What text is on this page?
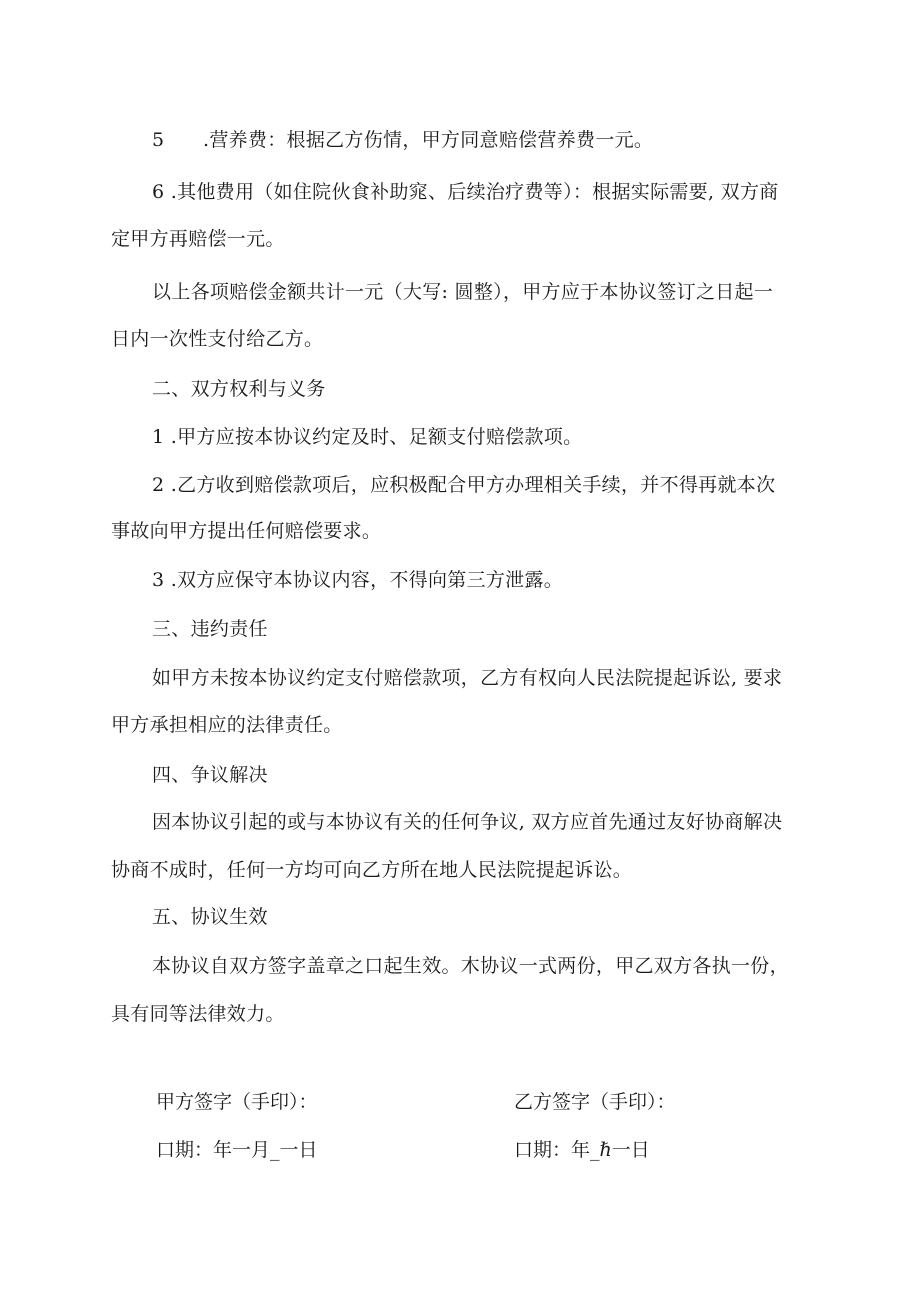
5　　.营养费：根据乙方伤情，甲方同意赔偿营养费一元。
6 .其他费用（如住院伙食补助窕、后续治疗费等）：根据实际需要, 双方商
定甲方再赔偿一元。
以上各项赔偿金额共计一元（大写: 圆整），甲方应于本协议签订之日起一
日内一次性支付给乙方。
二、双方权利与义务
1 .甲方应按本协议约定及时、足额支付赔偿款项。
2 .乙方收到赔偿款项后，应积极配合甲方办理相关手续，并不得再就本次
事故向甲方提出任何赔偿要求。
3 .双方应保守本协议内容，不得向第三方泄露。
三、违约责任
如甲方未按本协议约定支付赔偿款项，乙方有权向人民法院提起诉讼, 要求
甲方承担相应的法律责任。
四、争议解决
因本协议引起的或与本协议有关的任何争议, 双方应首先通过友好协商解决
协商不成时，任何一方均可向乙方所在地人民法院提起诉讼。
五、协议生效
本协议自双方签字盖章之口起生效。木协议一式两份，甲乙双方各执一份，
具有同等法律效力。
甲方签字（手印）：	乙方签字（手印）：
口期：年一月_一日	口期：年_ℏ一日
